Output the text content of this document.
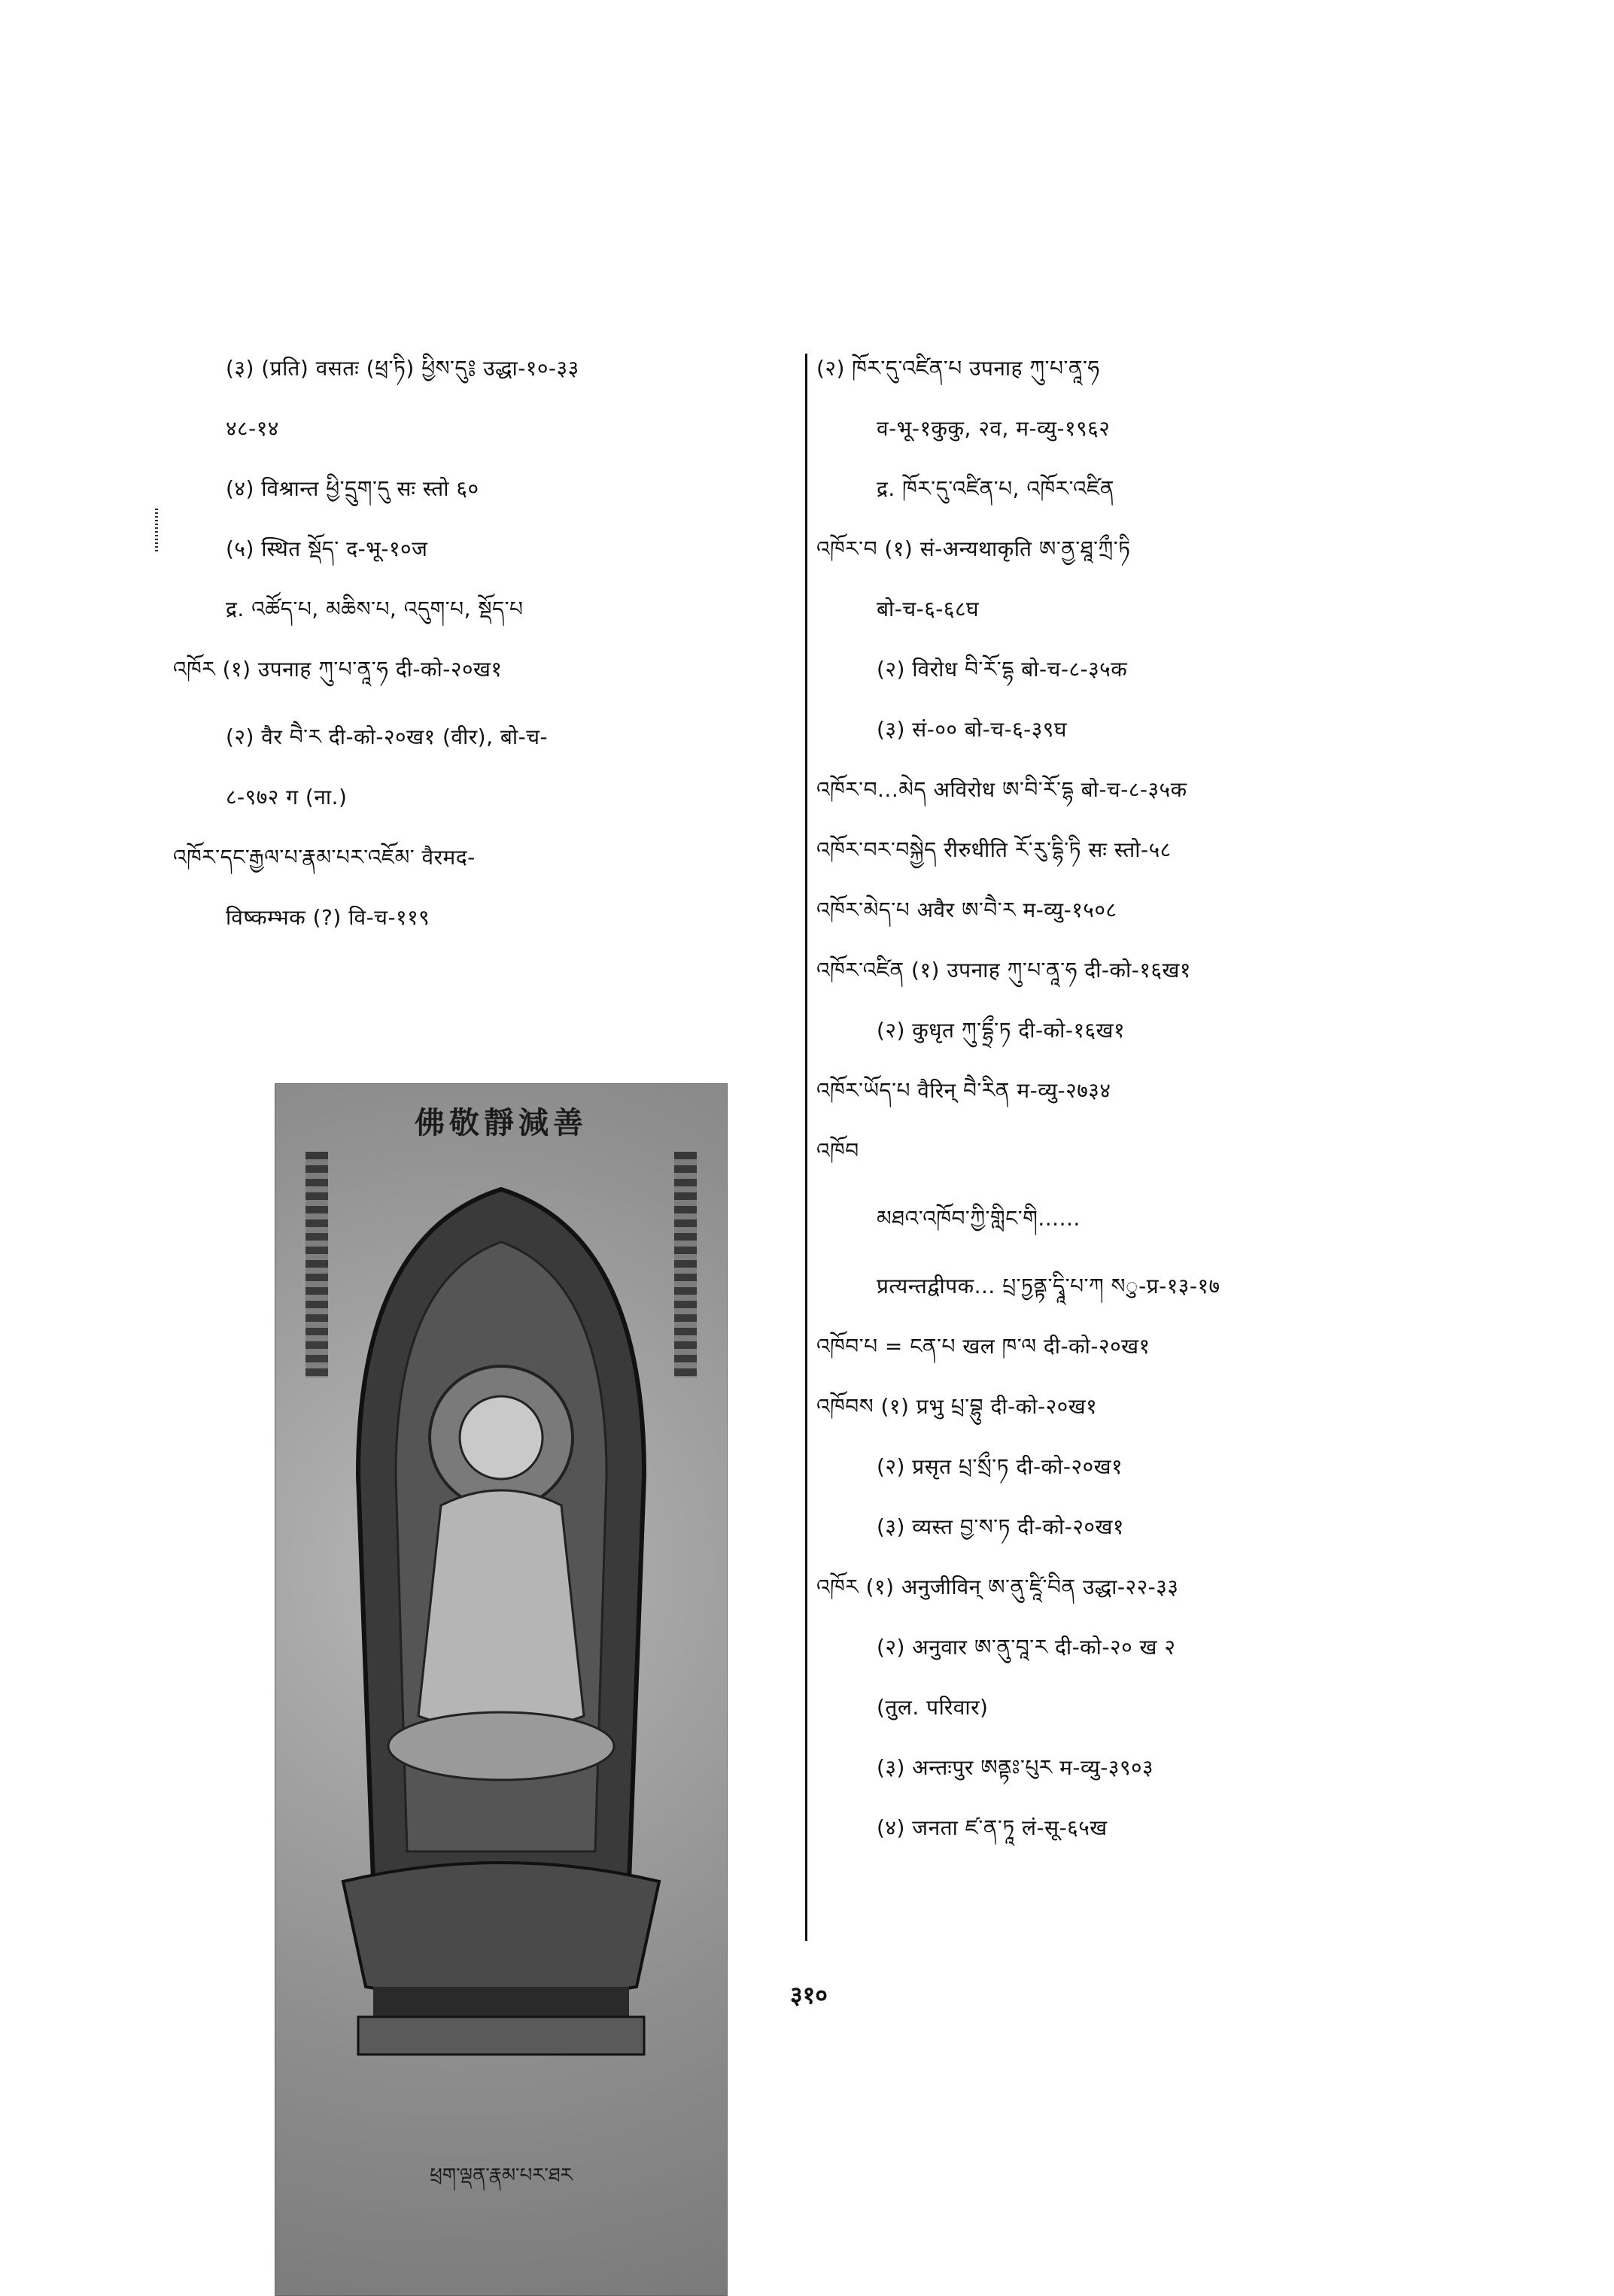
(३) (प्रति) वसतः (ཕྲ་ཏི) ཕྱིས་དུ༔ उद्धा-१०-३३
४८-१४
(४) विश्रान्त ཕྱི་དྲུག་དུ सः स्तो ६०
(५) स्थित སྡོད་ द-भू-१०ज
द्र. འཚོད་པ, མཆིས་པ, འདུག་པ, སྡོད་པ
འཁོར (१) उपनाह ཀུ་པ་ནཱ་ཧ दी-को-२०ख१
(२) वैर བཻ་ར दी-को-२०ख१ (वीर), बो-च-
८-९७२ ग (ना.)
འཁོར་དང་རྒྱལ་པ་རྣམ་པར་འཇོམ་ वैरमद-
विष्कम्भक (?) वि-च-११९
佛敬靜減善
ཕྲག་ལྡན་རྣམ་པར་ཐར
(२) ཁོར་དུ་འཛིན་པ उपनाह ཀུ་པ་ནཱ་ཧ
व-भू-१कुकु, २व, म-व्यु-१९६२
द्र. ཁོར་དུ་འཛིན་པ, འཁོར་འཛིན
འཁོར་བ (१) सं-अन्यथाकृति ཨ་ནྱ་ཐཱ་ཀྲྀ་ཏི
बो-च-६-६८घ
(२) विरोध བི་རོ་དྷ बो-च-८-३५क
(३) सं-०० बो-च-६-३९घ
འཁོར་བ...མེད अविरोध ཨ་བི་རོ་དྷ बो-च-८-३५क
འཁོར་བར་བསྐྱེད रीरुधीति རོ་རུ་དྷི་ཏི सः स्तो-५८
འཁོར་མེད་པ अवैर ཨ་བཻ་ར म-व्यु-१५०८
འཁོར་འཛིན (१) उपनाह ཀུ་པ་ནཱ་ཧ दी-को-१६ख१
(२) कुधृत ཀུ་དྷྲྀ་ཏ दी-को-१६ख१
འཁོར་ཡོད་པ वैरिन् བཻ་རིན म-व्यु-२७३४
འཁོབ
མཐའ་འཁོབ་ཀྱི་གླིང་གི......
प्रत्यन्तद्वीपक... པྲ་ཏྱནྟ་དྭཱི་པ་ཀ སु-प्र-१३-१७
འཁོབ་པ = ངན་པ खल ཁ་ལ दी-को-२०ख१
འཁོབས (१) प्रभु པྲ་བྷུ दी-को-२०ख१
(२) प्रसृत པྲ་སྲྀ་ཏ दी-को-२०ख१
(३) व्यस्त བྱ་ས་ཏ दी-को-२०ख१
འཁོར (१) अनुजीविन् ཨ་ནུ་ཛཱི་བིན उद्धा-२२-३३
(२) अनुवार ཨ་ནུ་བཱ་ར दी-को-२० ख २
(तुल. परिवार)
(३) अन्तःपुर ཨནྟཿ་པུར म-व्यु-३९०३
(४) जनता ཛ་ན་ཏཱ लं-सू-६५ख
३१०
